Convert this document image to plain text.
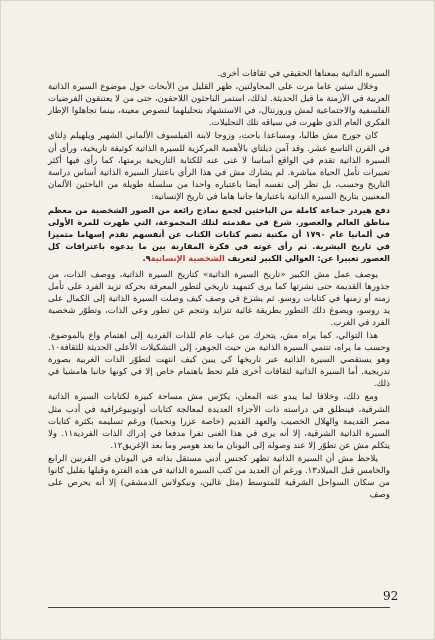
السيرة الذاتية بمعناها الحقيقي في ثقافات أخرى.

وخلال ستين عاما مرت على المحاولتين، ظهر القليل من الأبحاث حول موضوع السيرة الذاتية العربية في الأزمنة ما قبل الحديثة. لذلك، استمر الباحثون اللاحقون، حتى من لا يعتنقون الفرضيات الفلسفية والاجتماعية لمش وروزنتال، في الاستشهاد بتحليلهما لنصوص معينة، بينما تجاهلوا الإطار الفكري العام الذي ظهرت في سياقه تلك التحليلات.

كان جورج مش طالبا، ومساعدا باحث، وزوجا لابنة الفيلسوف الألماني الشهير ويلهيلم دِلتاي في القرن التاسع عشر. وقد آمن ديلتاي بالأهمية المركزية للسيرة الذاتية كوثيقة تاريخية، ورأى أن السيرة الذاتية تقدم في الواقع أساسا لا غنى عنه للكتابة التاريخية برمتها، كما رأى فيها أكثر تعبيرات تأمل الحياة مباشرة. لم يشارك مش في هذا الرأي باعتبار السيرة الذاتية أساس دراسة التاريخ وحسب، بل نظر إلى نفسه أيضا باعتباره واحدا من سلسلة طويلة من الباحثين الألمان المعنيين بتاريخ السيرة الذاتية باعتبارها جانبا هاما في تاريخ الإنسانية:

دفع هيردر جماعة كاملة من الباحثين لجمع نماذج رائعة من الصور الشخصية من معظم مناطق العالم والعصور. شرع في مقدمته لتلك المجموعة، التي ظهرت للمرة الأولى في ألمانيا عام ١٧٩٠ أن مكتبة تضم كتابات الكتاب عن أنفسهم تقدم إسهاما متميزا في تاريخ البشرية. ثم رأى غوته في فكرة المقارنة بين ما يدعوه باعترافات كل العصور تعبيرا عن: العوالي الكبير لتعريف الشخصية الإنسانية٩.

يوصف عمل مش الكبير «تاريخ السيرة الذاتية» كتاريخ السيرة الذاتية، ووصف الذات، من جذورها القديمة حتى نشرتها كما يرى كتمهيد تاريخي لتطور المعرفة بحركة تزيد الفرد على تأمل زمنه أو زمنها في كتابات روسو. ثم يشرع في وصف كيف وصلت السيرة الذاتية إلى الكمال على يد روسو، ويصوغ ذلك التطور بطريقة غائية تتزايد وتنجم عن تطور وعي الذات، وتطوّر شخصية الفرد في الغرب.

هذا التوالي، كما يراه مش، يتحرك من غياب عام للذات الفردية إلى اهتمام واع بالموضوع. وحسب ما يراه، تنتمي السيرة الذاتية من حيث الجوهر، إلى التشكيلات الأعلى الحديثة للثقافة١٠. وهو يستقصي السيرة الذاتية عبر تاريخها كي يبين كيف انتهت لتطوّر الذات الغربية بصورة تدريجية. أما السيرة الذاتية لثقافات أخرى فلم تحظ باهتمام خاص إلا في كونها جانبا هامشيا في ذلك.

ومع ذلك، وخلافا لما يبدو عنه المعلن، يكرّس مش مساحة كبيرة لكتابات السيرة الذاتية الشرقية، فينطلق في دراسته ذات الأجزاء العديدة لمعالجة كتابات أوتوبيوغرافية في أدب مثل مصر القديمة والهلال الخصيب والعهد القديم (خاصة عزرا ونحميا) ورغم تسليمه بكثرة كتابات السيرة الذاتية الشرقية، إلا أنه يرى في هذا الغنى تفرا مدفعا في إدراك الذات الفردية١١. ولا يتكلم مش عن تطوّر إلا عند وصوله إلى اليونان ما بعد هومير وما بعد الإغريق١٢.

يلاحظ مش أن السيرة الذاتية تظهر كجنس أدبي مستقل بذاته في اليونان في القرنين الرابع والخامس قبل الميلاد١٣. ورغم أن العديد من كتب السيرة الذاتية في هذه الفترة وقبلها بقليل كانوا من سكان السواحل الشرقية للمتوسط (مثل غالين، ونيكولاس الدمشقي) إلا أنه يحرص على وصف

92
